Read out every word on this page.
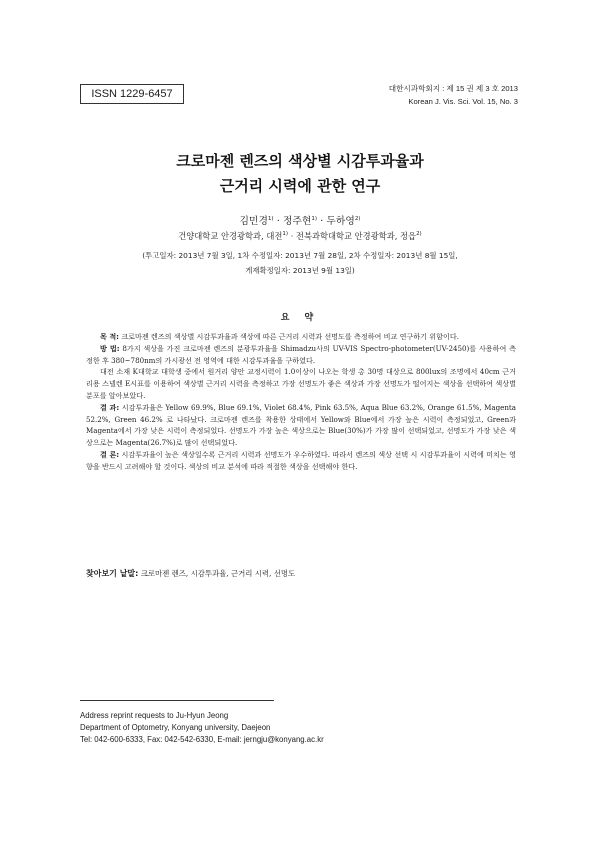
ISSN 1229-6457	대한시과학회지 : 제 15 권 제 3 호 2013
Korean J. Vis. Sci. Vol. 15, No. 3
크로마젠 렌즈의 색상별 시감투과율과
근거리 시력에 관한 연구
김민경$^{1)}$ · 정주현$^{1)}$ · 두하영$^{2)}$
건양대학교 안경광학과, 대전$^{1)}$ · 전북과학대학교 안경광학과, 정읍$^{2)}$
(투고일자: 2013년 7월 3일, 1차 수정일자: 2013년 7월 28일, 2차 수정일자: 2013년 8월 15일,
게재확정일자: 2013년 9월 13일)
요 약

목 적: 크로마젠 렌즈의 색상별 시감투과율과 색상에 따른 근거리 시력과 선명도를 측정하여 비교 연구하기 위함이다.

방 법: 8가지 색상을 가진 크로마젠 렌즈의 분광투과율을 Shimadzu사의 UV-VIS Spectro-photometer(UV-2450)를 사용하여 측정한 후 380~780nm의 가시광선 전 영역에 대한 시감투과율을 구하였다.

대전 소재 K대학교 대학생 중에서 원거리 양안 교정시력이 1.0이상이 나오는 학생 총 30명 대상으로 800lux의 조명에서 40cm 근거리용 스넬렌 E시표를 이용하여 색상별 근거리 시력을 측정하고 가장 선명도가 좋은 색상과 가장 선명도가 떨어지는 색상을 선택하여 색상별 분포를 알아보았다.

결 과: 시감투과율은 Yellow 69.9%, Blue 69.1%, Violet 68.4%, Pink 63.5%, Aqua Blue 63.2%, Orange 61.5%, Magenta 52.2%, Green 46.2% 로 나타났다. 크로마젠 렌즈를 착용한 상태에서 Yellow와 Blue에서 가장 높은 시력이 측정되었고, Green과 Magenta에서 가장 낮은 시력이 측정되었다. 선명도가 가장 높은 색상으로는 Blue(30%)가 가장 많이 선택되었고, 선명도가 가장 낮은 색상으로는 Magenta(26.7%)로 많이 선택되었다.

결 론: 시감투과율이 높은 색상일수록 근거리 시력과 선명도가 우수하였다. 따라서 렌즈의 색상 선택 시 시감투과율이 시력에 미치는 영향을 반드시 고려해야 할 것이다. 색상의 비교 분석에 따라 적절한 색상을 선택해야 한다.

찾아보기 낱말: 크로마젠 렌즈, 시감투과율, 근거리 시력, 선명도
Address reprint requests to Ju-Hyun Jeong
Department of Optometry, Konyang university, Daejeon
Tel: 042-600-6333, Fax: 042-542-6330, E-mail: jerngju@konyang.ac.kr
